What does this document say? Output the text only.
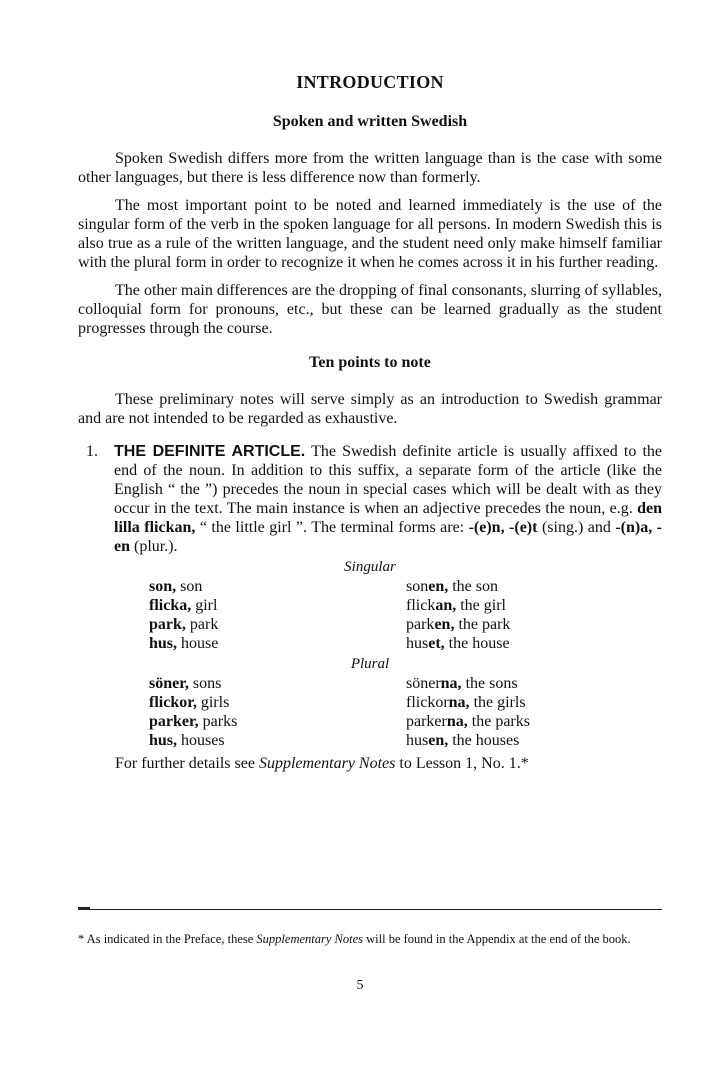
INTRODUCTION
Spoken and written Swedish

Spoken Swedish differs more from the written language than is the case with some other languages, but there is less difference now than formerly.

The most important point to be noted and learned immediately is the use of the singular form of the verb in the spoken language for all persons. In modern Swedish this is also true as a rule of the written language, and the student need only make himself familiar with the plural form in order to recognize it when he comes across it in his further reading.

The other main differences are the dropping of final consonants, slurring of syllables, colloquial form for pronouns, etc., but these can be learned gradually as the student progresses through the course.

Ten points to note

These preliminary notes will serve simply as an introduction to Swedish grammar and are not intended to be regarded as exhaustive.

1. THE DEFINITE ARTICLE. The Swedish definite article is usually affixed to the end of the noun. In addition to this suffix, a separate form of the article (like the English “ the ”) precedes the noun in special cases which will be dealt with as they occur in the text. The main instance is when an adjective precedes the noun, e.g. den lilla flickan, “ the little girl ”. The terminal forms are: -(e)n, -(e)t (sing.) and -(n)a, -en (plur.).
Singular
son, son	sonen, the son
flicka, girl	flickan, the girl
park, park	parken, the park
hus, house	huset, the house
Plural
söner, sons	sönerna, the sons
flickor, girls	flickorna, the girls
parker, parks	parkerna, the parks
hus, houses	husen, the houses
For further details see Supplementary Notes to Lesson 1, No. 1.*
* As indicated in the Preface, these Supplementary Notes will be found in the Appendix at the end of the book.
5
